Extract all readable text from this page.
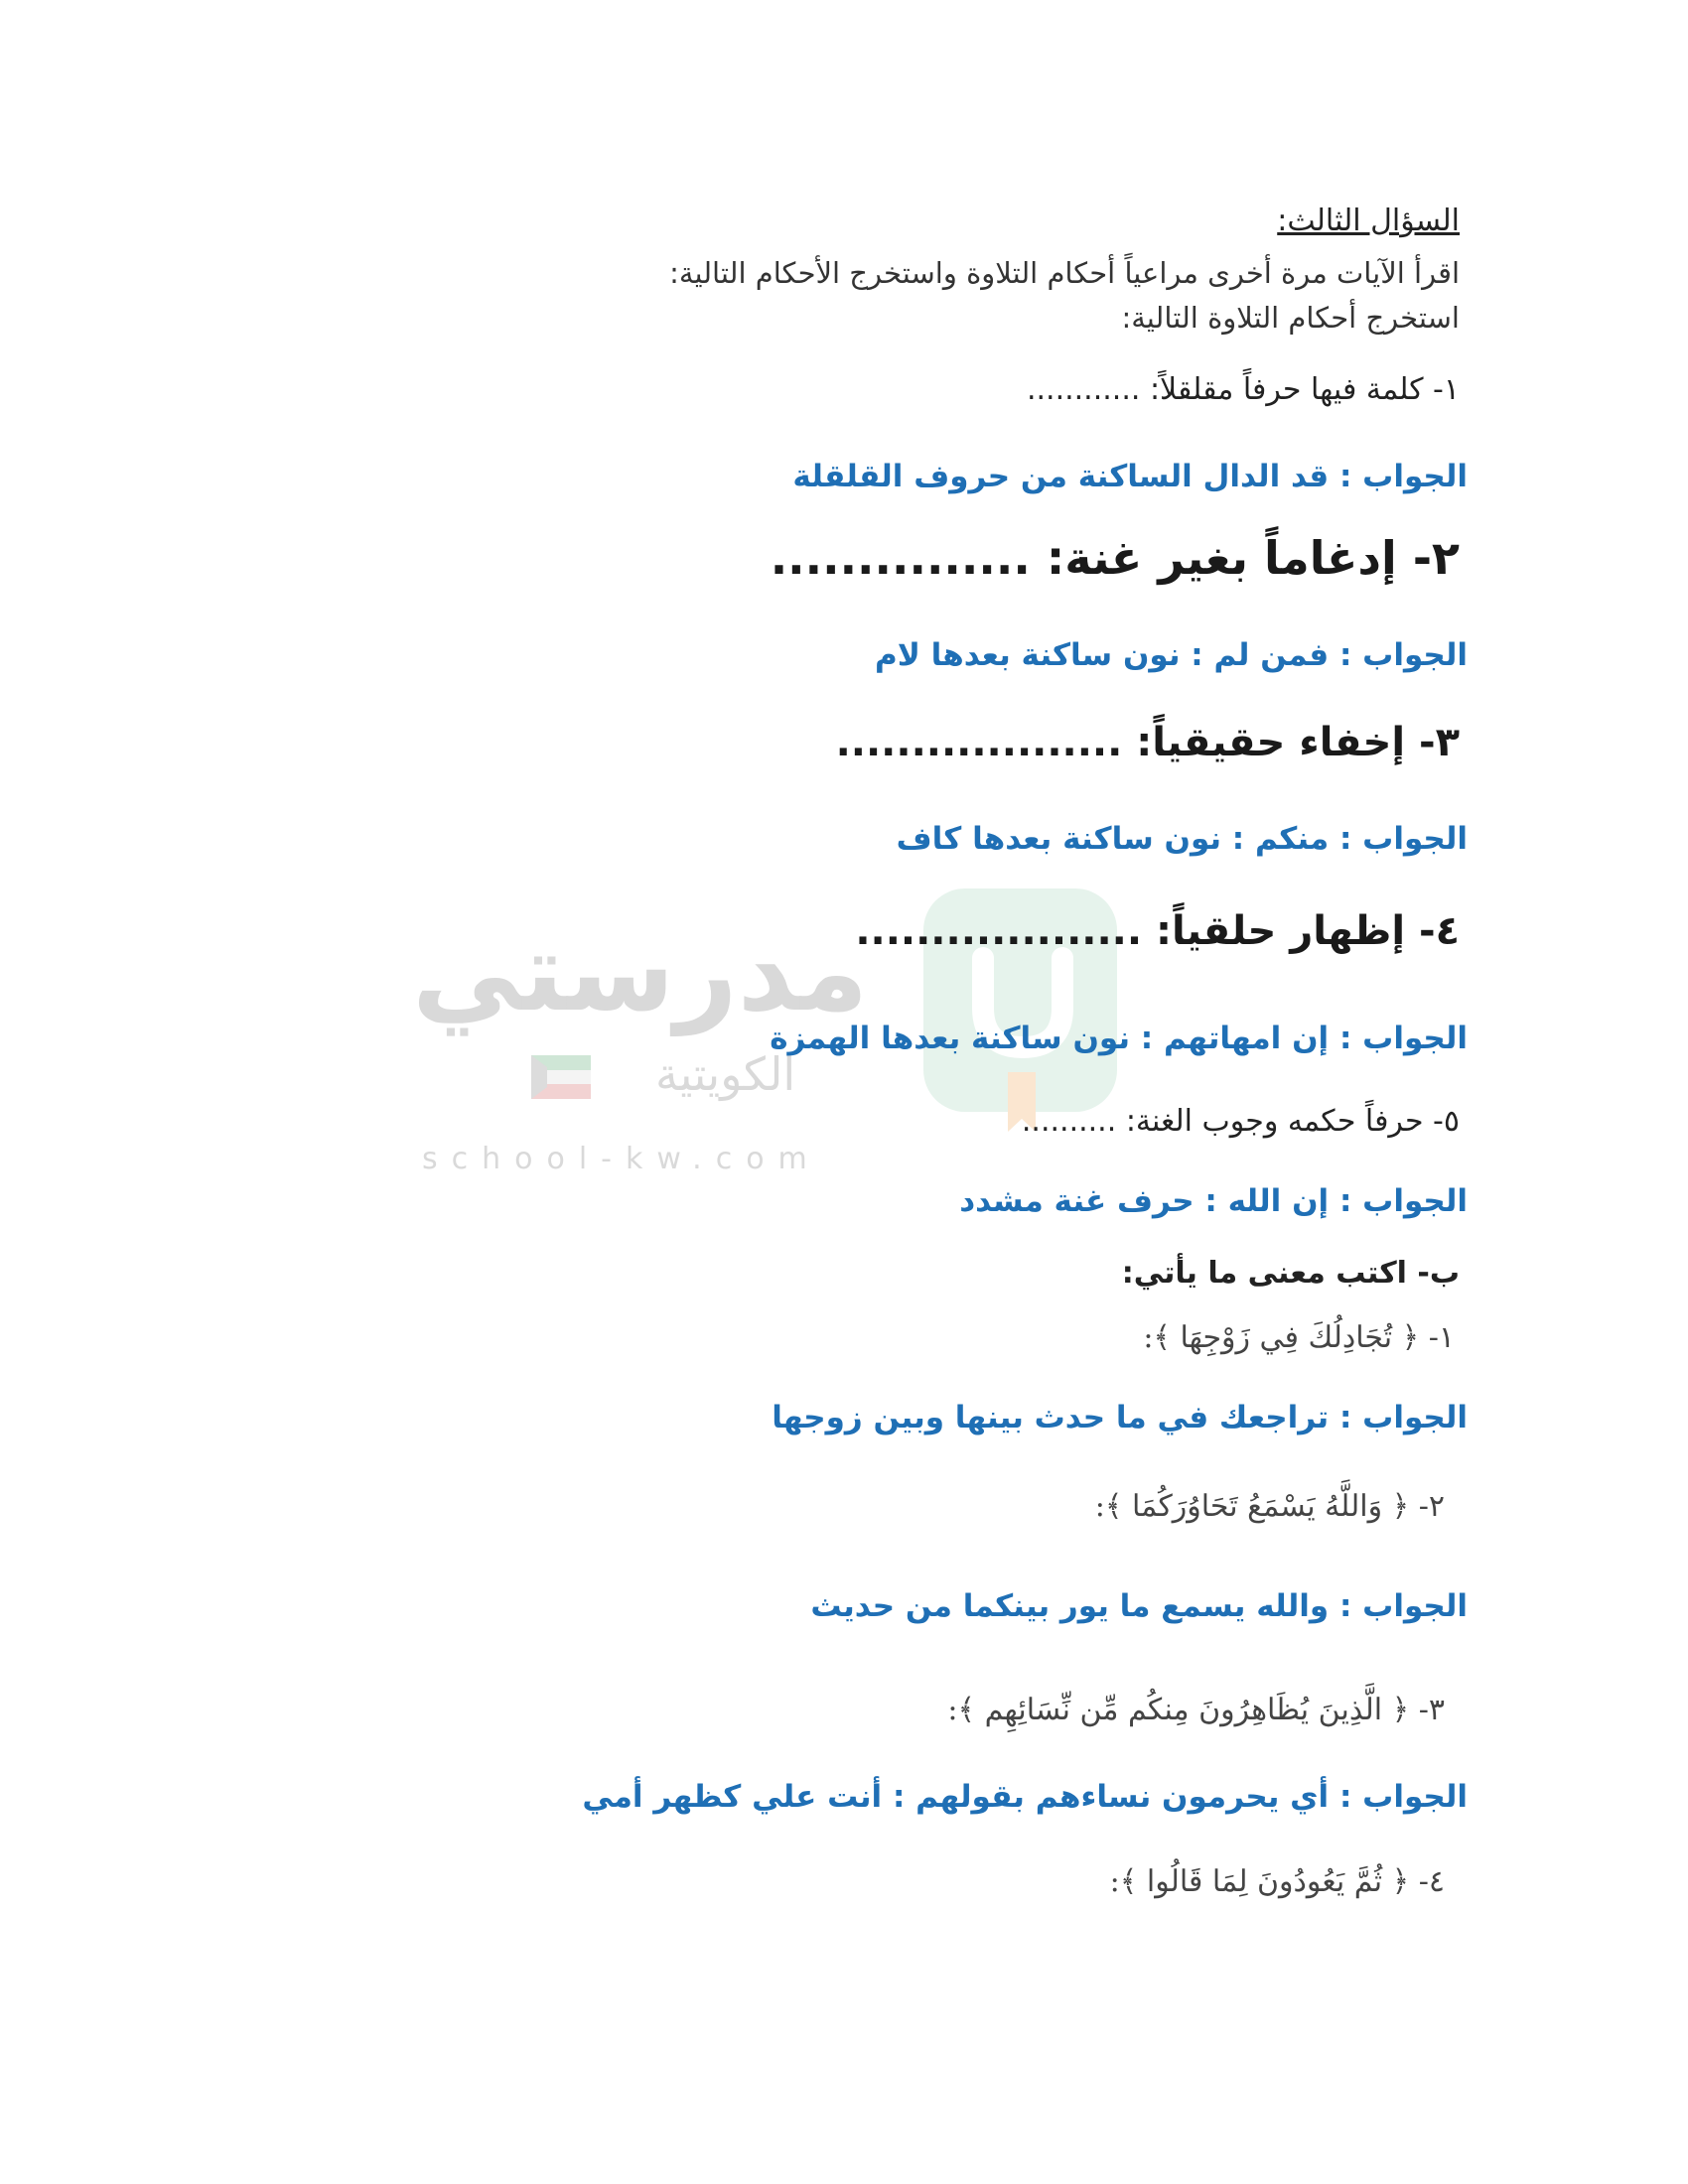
مدرستي
الكويتية
school-kw.com
السؤال الثالث:
اقرأ الآيات مرة أخرى مراعياً أحكام التلاوة واستخرج الأحكام التالية:
استخرج أحكام التلاوة التالية:
١- كلمة فيها حرفاً مقلقلاً: ............
الجواب : قد الدال الساكنة من حروف القلقلة
٢- إدغاماً بغير غنة: ...............
الجواب : فمن لم : نون ساكنة بعدها لام
٣- إخفاء حقيقياً: ...................
الجواب : منكم : نون ساكنة بعدها كاف
٤- إظهار حلقياً: ...................
الجواب : إن امهاتهم : نون ساكنة بعدها الهمزة
٥- حرفاً حكمه وجوب الغنة: ..........
الجواب : إن الله : حرف غنة مشدد
ب- اكتب معنى ما يأتي:
١- ﴿ تُجَادِلُكَ فِي زَوْجِهَا ﴾:
الجواب : تراجعك في ما حدث بينها وبين زوجها
٢- ﴿ وَاللَّهُ يَسْمَعُ تَحَاوُرَكُمَا ﴾:
الجواب : والله يسمع ما يور بينكما من حديث
٣- ﴿ الَّذِينَ يُظَاهِرُونَ مِنكُم مِّن نِّسَائِهِم ﴾:
الجواب : أي يحرمون نساءهم بقولهم : أنت علي كظهر أمي
٤- ﴿ ثُمَّ يَعُودُونَ لِمَا قَالُوا ﴾:
